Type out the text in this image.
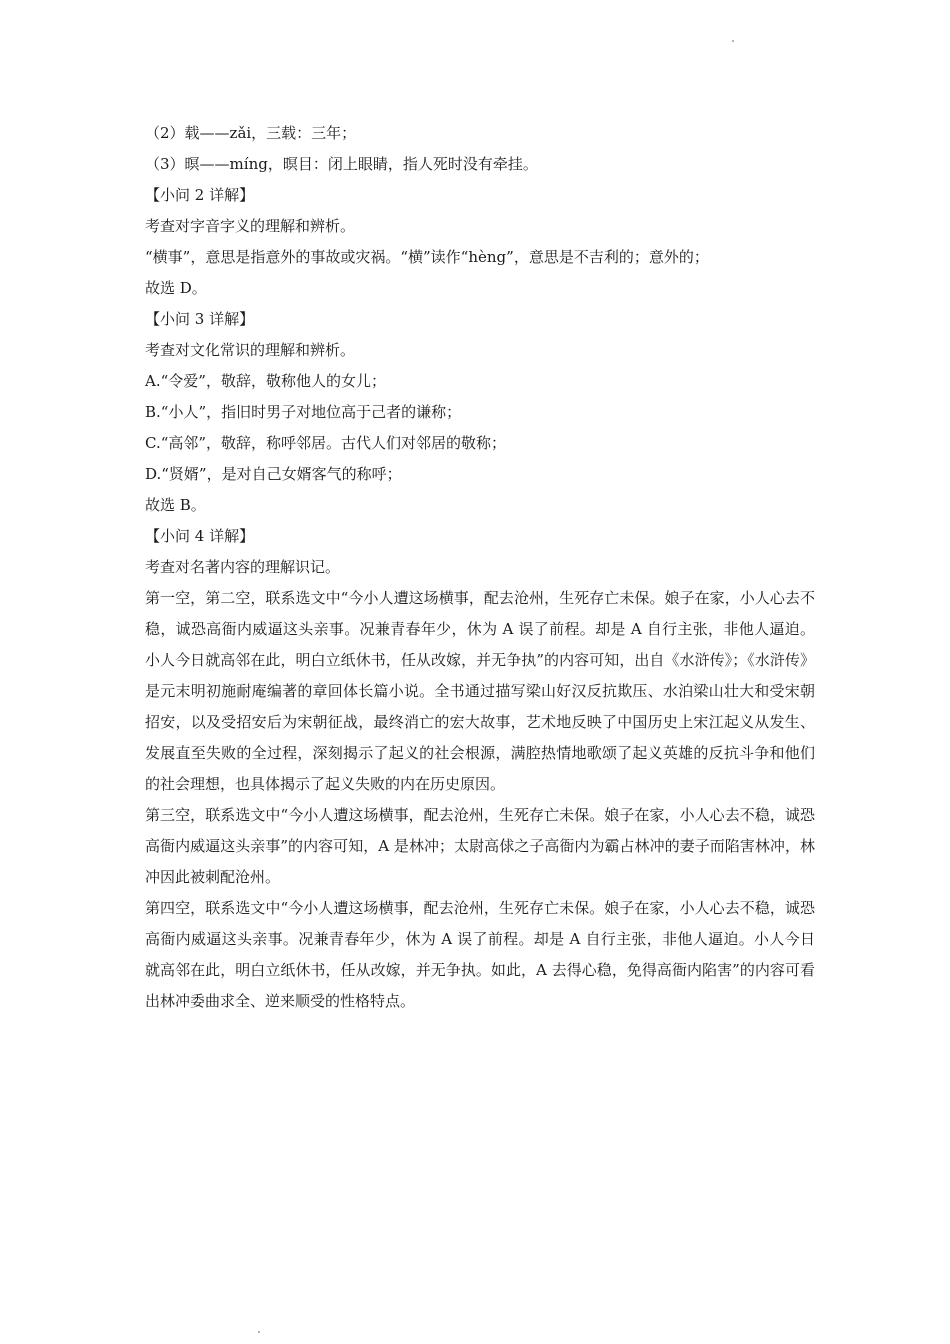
（2）载——zǎi，三载：三年；
（3）暝——míng，暝目：闭上眼睛，指人死时没有牵挂。
【小问 2 详解】
考查对字音字义的理解和辨析。
“横事”，意思是指意外的事故或灾祸。“横”读作“hèng”，意思是不吉利的；意外的；
故选 D。
【小问 3 详解】
考查对文化常识的理解和辨析。
A.“令爱”，敬辞，敬称他人的女儿；
B.“小人”，指旧时男子对地位高于己者的谦称；
C.“高邻”，敬辞，称呼邻居。古代人们对邻居的敬称；
D.“贤婿”，是对自己女婿客气的称呼；
故选 B。
【小问 4 详解】
考查对名著内容的理解识记。
第一空，第二空，联系选文中“今小人遭这场横事，配去沧州，生死存亡未保。娘子在家，小人心去不稳，诚恐高衙内威逼这头亲事。况兼青春年少，休为 A 误了前程。却是 A 自行主张，非他人逼迫。小人今日就高邻在此，明白立纸休书，任从改嫁，并无争执”的内容可知，出自《水浒传》；《水浒传》是元末明初施耐庵编著的章回体长篇小说。全书通过描写梁山好汉反抗欺压、水泊梁山壮大和受宋朝招安，以及受招安后为宋朝征战，最终消亡的宏大故事，艺术地反映了中国历史上宋江起义从发生、发展直至失败的全过程，深刻揭示了起义的社会根源，满腔热情地歌颂了起义英雄的反抗斗争和他们的社会理想，也具体揭示了起义失败的内在历史原因。
第三空，联系选文中“今小人遭这场横事，配去沧州，生死存亡未保。娘子在家，小人心去不稳，诚恐高衙内威逼这头亲事”的内容可知，A 是林冲；太尉高俅之子高衙内为霸占林冲的妻子而陷害林冲，林冲因此被刺配沧州。
第四空，联系选文中“今小人遭这场横事，配去沧州，生死存亡未保。娘子在家，小人心去不稳，诚恐高衙内威逼这头亲事。况兼青春年少，休为 A 误了前程。却是 A 自行主张，非他人逼迫。小人今日就高邻在此，明白立纸休书，任从改嫁，并无争执。如此，A 去得心稳，免得高衙内陷害”的内容可看出林冲委曲求全、逆来顺受的性格特点。
